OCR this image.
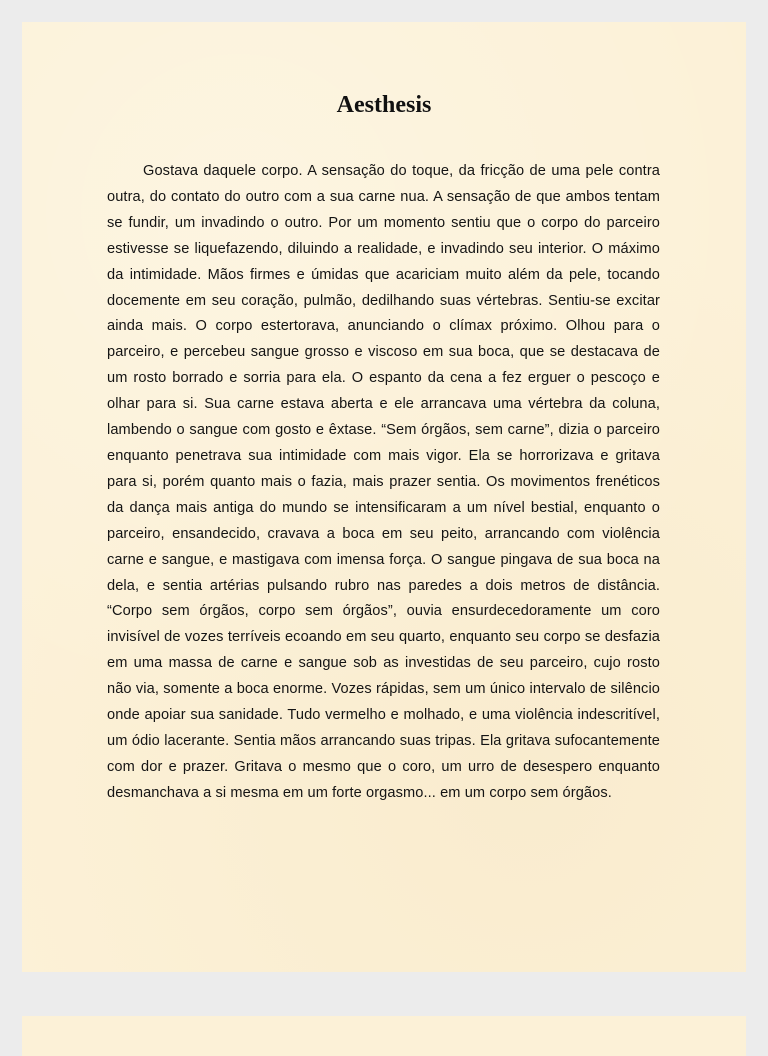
Aesthesis

Gostava daquele corpo. A sensação do toque, da fricção de uma pele contra outra, do contato do outro com a sua carne nua. A sensação de que ambos tentam se fundir, um invadindo o outro. Por um momento sentiu que o corpo do parceiro estivesse se liquefazendo, diluindo a realidade, e invadindo seu interior. O máximo da intimidade. Mãos firmes e úmidas que acariciam muito além da pele, tocando docemente em seu coração, pulmão, dedilhando suas vértebras. Sentiu-se excitar ainda mais. O corpo estertorava, anunciando o clímax próximo. Olhou para o parceiro, e percebeu sangue grosso e viscoso em sua boca, que se destacava de um rosto borrado e sorria para ela. O espanto da cena a fez erguer o pescoço e olhar para si. Sua carne estava aberta e ele arrancava uma vértebra da coluna, lambendo o sangue com gosto e êxtase. “Sem órgãos, sem carne”, dizia o parceiro enquanto penetrava sua intimidade com mais vigor. Ela se horrorizava e gritava para si, porém quanto mais o fazia, mais prazer sentia. Os movimentos frenéticos da dança mais antiga do mundo se intensificaram a um nível bestial, enquanto o parceiro, ensandecido, cravava a boca em seu peito, arrancando com violência carne e sangue, e mastigava com imensa força. O sangue pingava de sua boca na dela, e sentia artérias pulsando rubro nas paredes a dois metros de distância. “Corpo sem órgãos, corpo sem órgãos”, ouvia ensurdecedoramente um coro invisível de vozes terríveis ecoando em seu quarto, enquanto seu corpo se desfazia em uma massa de carne e sangue sob as investidas de seu parceiro, cujo rosto não via, somente a boca enorme. Vozes rápidas, sem um único intervalo de silêncio onde apoiar sua sanidade. Tudo vermelho e molhado, e uma violência indescritível, um ódio lacerante. Sentia mãos arrancando suas tripas. Ela gritava sufocantemente com dor e prazer. Gritava o mesmo que o coro, um urro de desespero enquanto desmanchava a si mesma em um forte orgasmo... em um corpo sem órgãos.
